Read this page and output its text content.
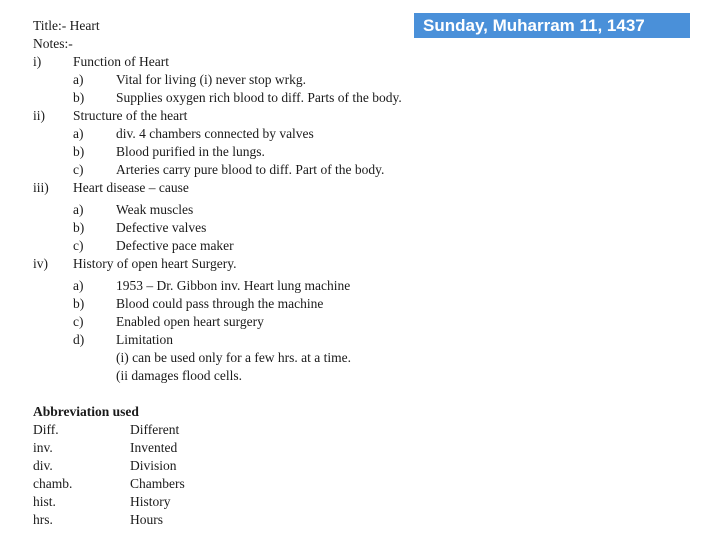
Title:- Heart	Sunday, Muharram 11, 1437
Notes:-
i) Function of Heart
a) Vital for living (i) never stop wrkg.
b) Supplies oxygen rich blood to diff. Parts of the body.
ii) Structure of the heart
a) div. 4 chambers connected by valves
b) Blood purified in the lungs.
c) Arteries carry pure blood to diff. Part of the body.
iii) Heart disease – cause
a) Weak muscles
b) Defective valves
c) Defective pace maker
iv) History of open heart Surgery.
a) 1953 – Dr. Gibbon inv. Heart lung machine
b) Blood could pass through the machine
c) Enabled open heart surgery
d) Limitation
(i) can be used only for a few hrs. at a time.
(ii damages flood cells.
Abbreviation used
Diff.	Different
inv.	Invented
div.	Division
chamb.	Chambers
hist.	History
hrs.	Hours
